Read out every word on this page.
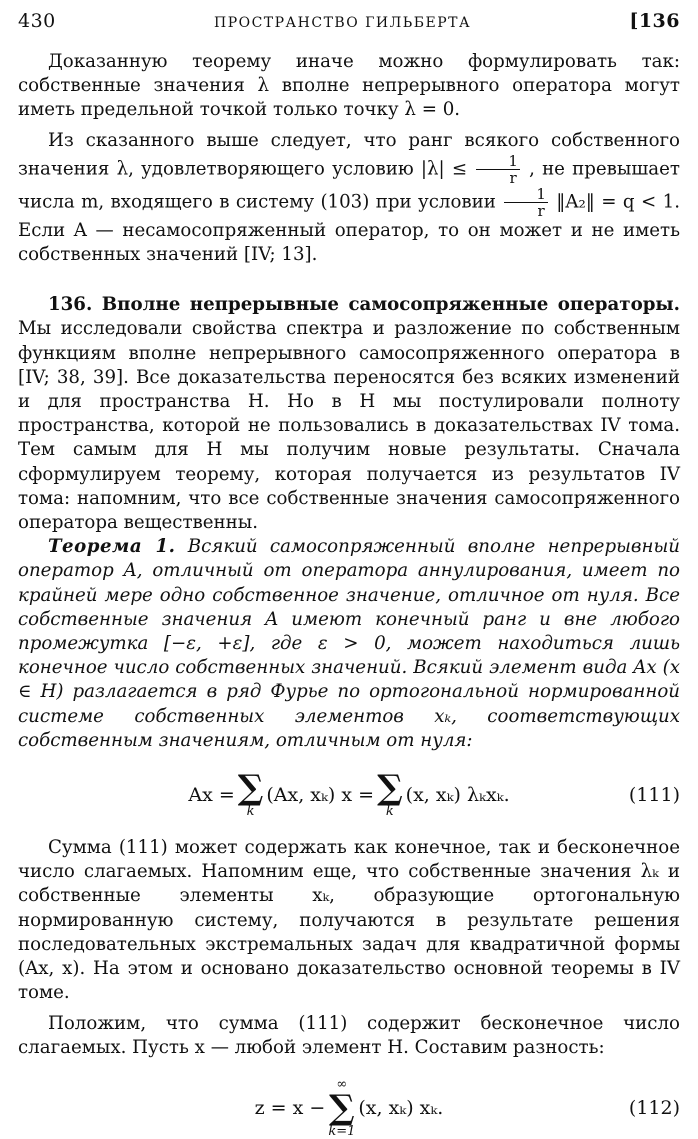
430	ПРОСТРАНСТВО ГИЛЬБЕРТА	[136

Доказанную теорему иначе можно формулировать так: собственные значения λ вполне непрерывного оператора могут иметь предельной точкой только точку λ = 0.

Из сказанного выше следует, что ранг всякого собственного значения λ, удовлетворяющего условию $|\lambda| \le \frac{1}{r}$ , не превышает числа m, входящего в систему (103) при условии $\frac{1}{r}$ ‖A₂‖ = q < 1. Если A — несамосопряженный оператор, то он может и не иметь собственных значений [IV; 13].

136. Вполне непрерывные самосопряженные операторы. Мы исследовали свойства спектра и разложение по собственным функциям вполне непрерывного самосопряженного оператора в [IV; 38, 39]. Все доказательства переносятся без всяких изменений и для пространства H. Но в H мы постулировали полноту пространства, которой не пользовались в доказательствах IV тома. Тем самым для H мы получим новые результаты. Сначала сформулируем теорему, которая получается из результатов IV тома: напомним, что все собственные значения самосопряженного оператора вещественны.

Теорема 1. Всякий самосопряженный вполне непрерывный оператор A, отличный от оператора аннулирования, имеет по крайней мере одно собственное значение, отличное от нуля. Все собственные значения A имеют конечный ранг и вне любого промежутка [−ε, +ε], где ε > 0, может находиться лишь конечное число собственных значений. Всякий элемент вида Ax (x ∈ H) разлагается в ряд Фурье по ортогональной нормированной системе собственных элементов xₖ, соответствующих собственным значениям, отличным от нуля:

Ax = ∑
k
(Ax, xₖ) x = ∑
k
(x, xₖ) λₖxₖ.	(111)

Сумма (111) может содержать как конечное, так и бесконечное число слагаемых. Напомним еще, что собственные значения λₖ и собственные элементы xₖ, образующие ортогональную нормированную систему, получаются в результате решения последовательных экстремальных задач для квадратичной формы (Ax, x). На этом и основано доказательство основной теоремы в IV томе.

Положим, что сумма (111) содержит бесконечное число слагаемых. Пусть x — любой элемент H. Составим разность:

z = x −
∞
∑
k=1
(x, xₖ) xₖ.	(112)
